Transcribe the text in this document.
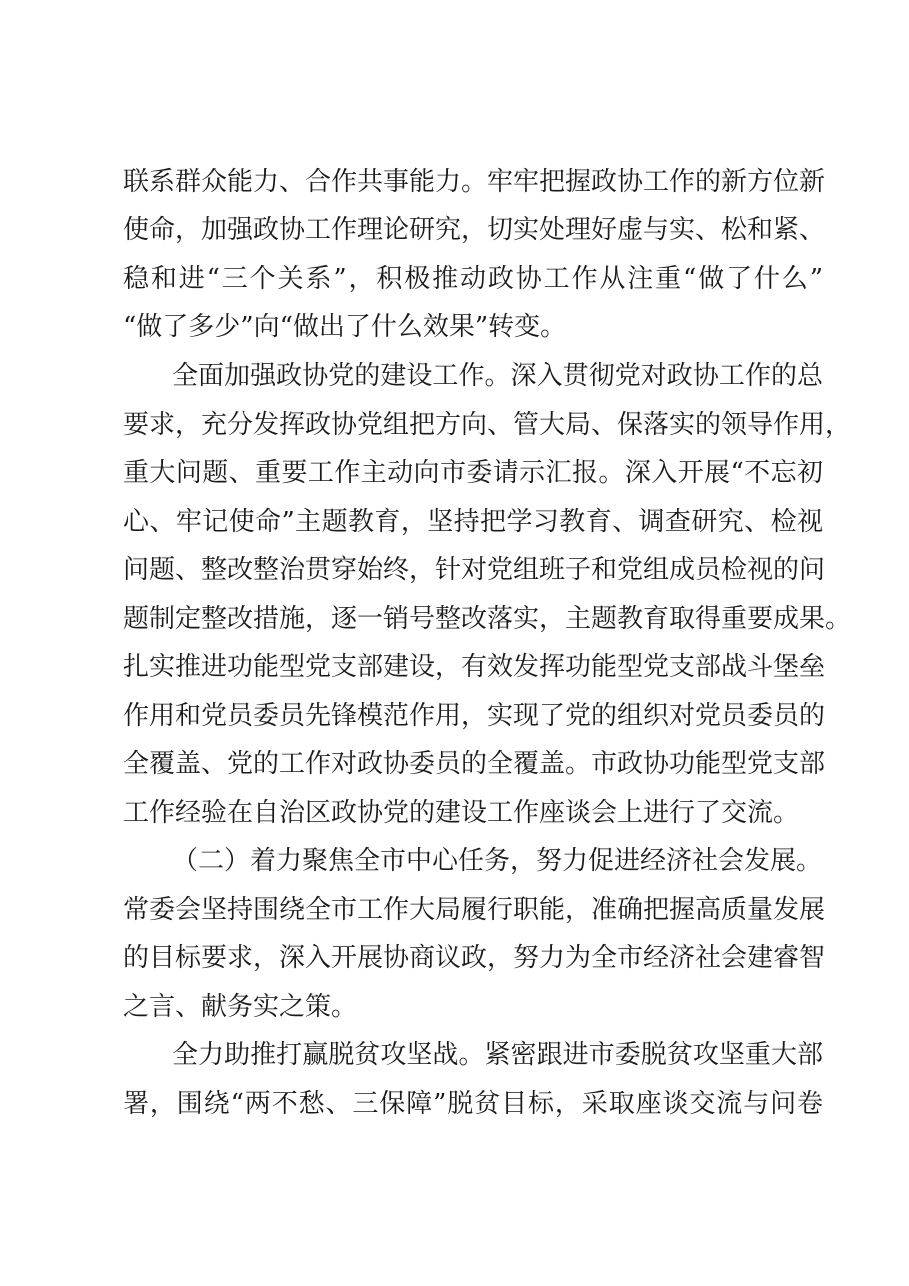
联系群众能力、合作共事能力。牢牢把握政协工作的新方位新
使命，加强政协工作理论研究，切实处理好虚与实、松和紧、
稳和进“三个关系”，积极推动政协工作从注重“做了什么”
“做了多少”向“做出了什么效果”转变。
全面加强政协党的建设工作。深入贯彻党对政协工作的总
要求，充分发挥政协党组把方向、管大局、保落实的领导作用，
重大问题、重要工作主动向市委请示汇报。深入开展“不忘初
心、牢记使命”主题教育，坚持把学习教育、调查研究、检视
问题、整改整治贯穿始终，针对党组班子和党组成员检视的问
题制定整改措施，逐一销号整改落实，主题教育取得重要成果。
扎实推进功能型党支部建设，有效发挥功能型党支部战斗堡垒
作用和党员委员先锋模范作用，实现了党的组织对党员委员的
全覆盖、党的工作对政协委员的全覆盖。市政协功能型党支部
工作经验在自治区政协党的建设工作座谈会上进行了交流。
（二）着力聚焦全市中心任务，努力促进经济社会发展。
常委会坚持围绕全市工作大局履行职能，准确把握高质量发展
的目标要求，深入开展协商议政，努力为全市经济社会建睿智
之言、献务实之策。
全力助推打赢脱贫攻坚战。紧密跟进市委脱贫攻坚重大部
署，围绕“两不愁、三保障”脱贫目标，采取座谈交流与问卷
